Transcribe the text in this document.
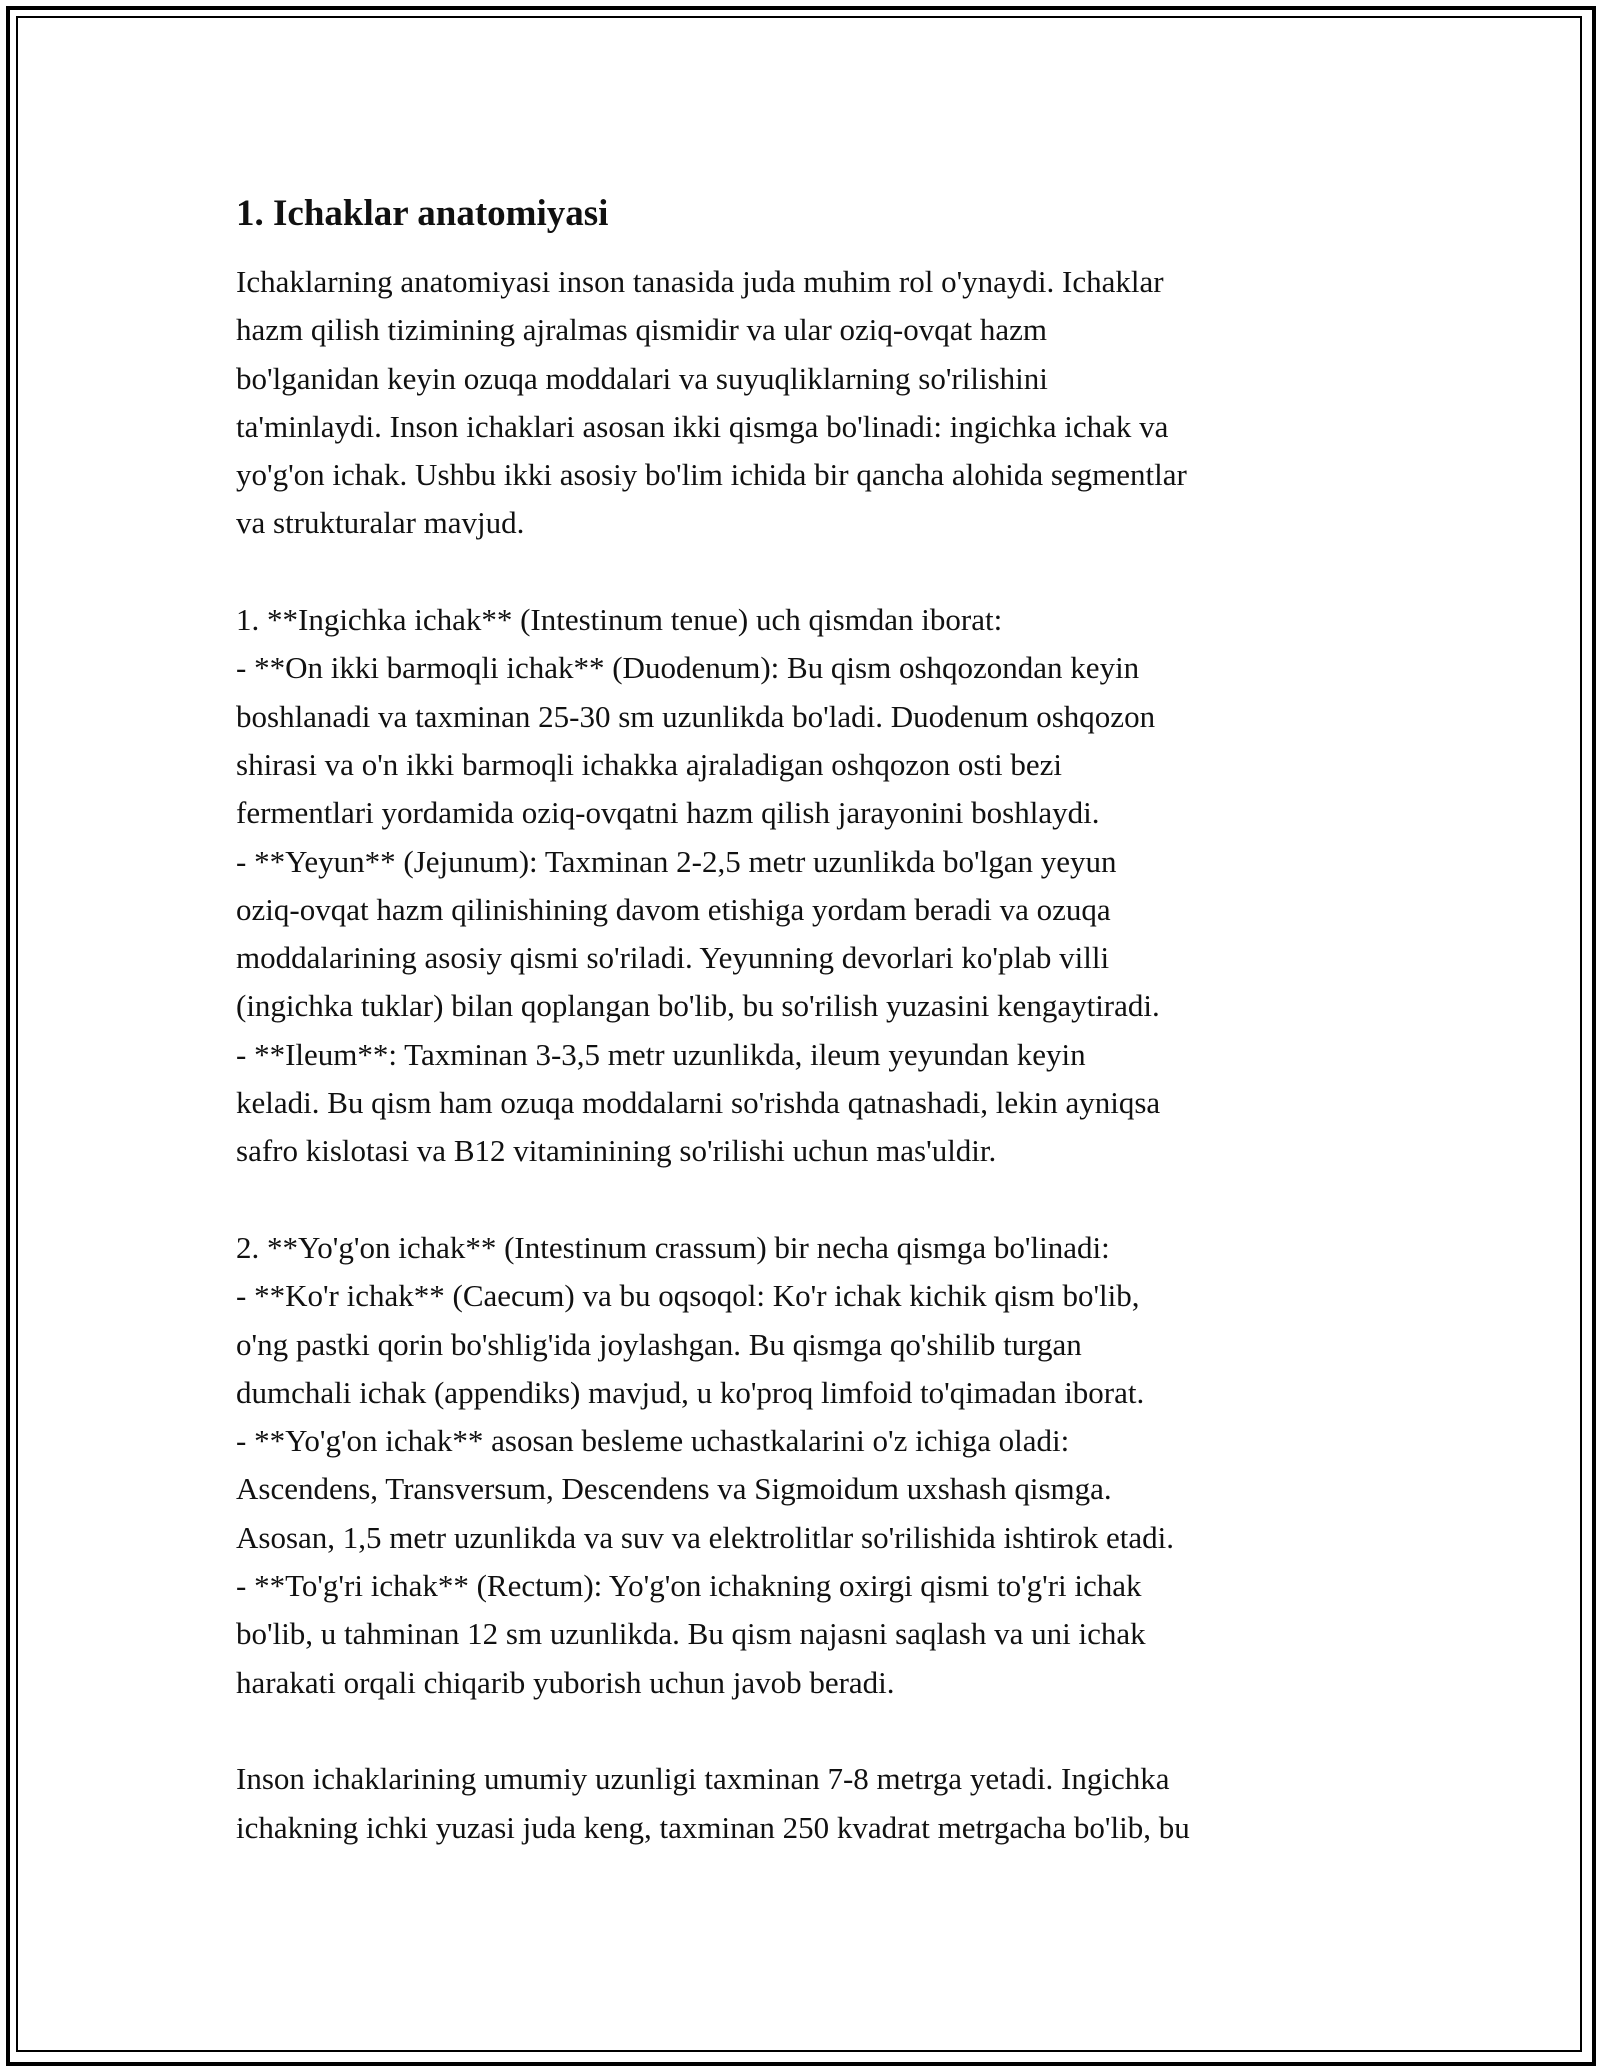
1. Ichaklar anatomiyasi

Ichaklarning anatomiyasi inson tanasida juda muhim rol o'ynaydi. Ichaklar
hazm qilish tizimining ajralmas qismidir va ular oziq-ovqat hazm
bo'lganidan keyin ozuqa moddalari va suyuqliklarning so'rilishini
ta'minlaydi. Inson ichaklari asosan ikki qismga bo'linadi: ingichka ichak va
yo'g'on ichak. Ushbu ikki asosiy bo'lim ichida bir qancha alohida segmentlar
va strukturalar mavjud.

1. **Ingichka ichak** (Intestinum tenue) uch qismdan iborat:
- **On ikki barmoqli ichak** (Duodenum): Bu qism oshqozondan keyin
boshlanadi va taxminan 25-30 sm uzunlikda bo'ladi. Duodenum oshqozon
shirasi va o'n ikki barmoqli ichakka ajraladigan oshqozon osti bezi
fermentlari yordamida oziq-ovqatni hazm qilish jarayonini boshlaydi.
- **Yeyun** (Jejunum): Taxminan 2-2,5 metr uzunlikda bo'lgan yeyun
oziq-ovqat hazm qilinishining davom etishiga yordam beradi va ozuqa
moddalarining asosiy qismi so'riladi. Yeyunning devorlari ko'plab villi
(ingichka tuklar) bilan qoplangan bo'lib, bu so'rilish yuzasini kengaytiradi.
- **Ileum**: Taxminan 3-3,5 metr uzunlikda, ileum yeyundan keyin
keladi. Bu qism ham ozuqa moddalarni so'rishda qatnashadi, lekin ayniqsa
safro kislotasi va B12 vitaminining so'rilishi uchun mas'uldir.

2. **Yo'g'on ichak** (Intestinum crassum) bir necha qismga bo'linadi:
- **Ko'r ichak** (Caecum) va bu oqsoqol: Ko'r ichak kichik qism bo'lib,
o'ng pastki qorin bo'shlig'ida joylashgan. Bu qismga qo'shilib turgan
dumchali ichak (appendiks) mavjud, u ko'proq limfoid to'qimadan iborat.
- **Yo'g'on ichak** asosan besleme uchastkalarini o'z ichiga oladi:
Ascendens, Transversum, Descendens va Sigmoidum uxshash qismga.
Asosan, 1,5 metr uzunlikda va suv va elektrolitlar so'rilishida ishtirok etadi.
- **To'g'ri ichak** (Rectum): Yo'g'on ichakning oxirgi qismi to'g'ri ichak
bo'lib, u tahminan 12 sm uzunlikda. Bu qism najasni saqlash va uni ichak
harakati orqali chiqarib yuborish uchun javob beradi.

Inson ichaklarining umumiy uzunligi taxminan 7-8 metrga yetadi. Ingichka
ichakning ichki yuzasi juda keng, taxminan 250 kvadrat metrgacha bo'lib, bu
